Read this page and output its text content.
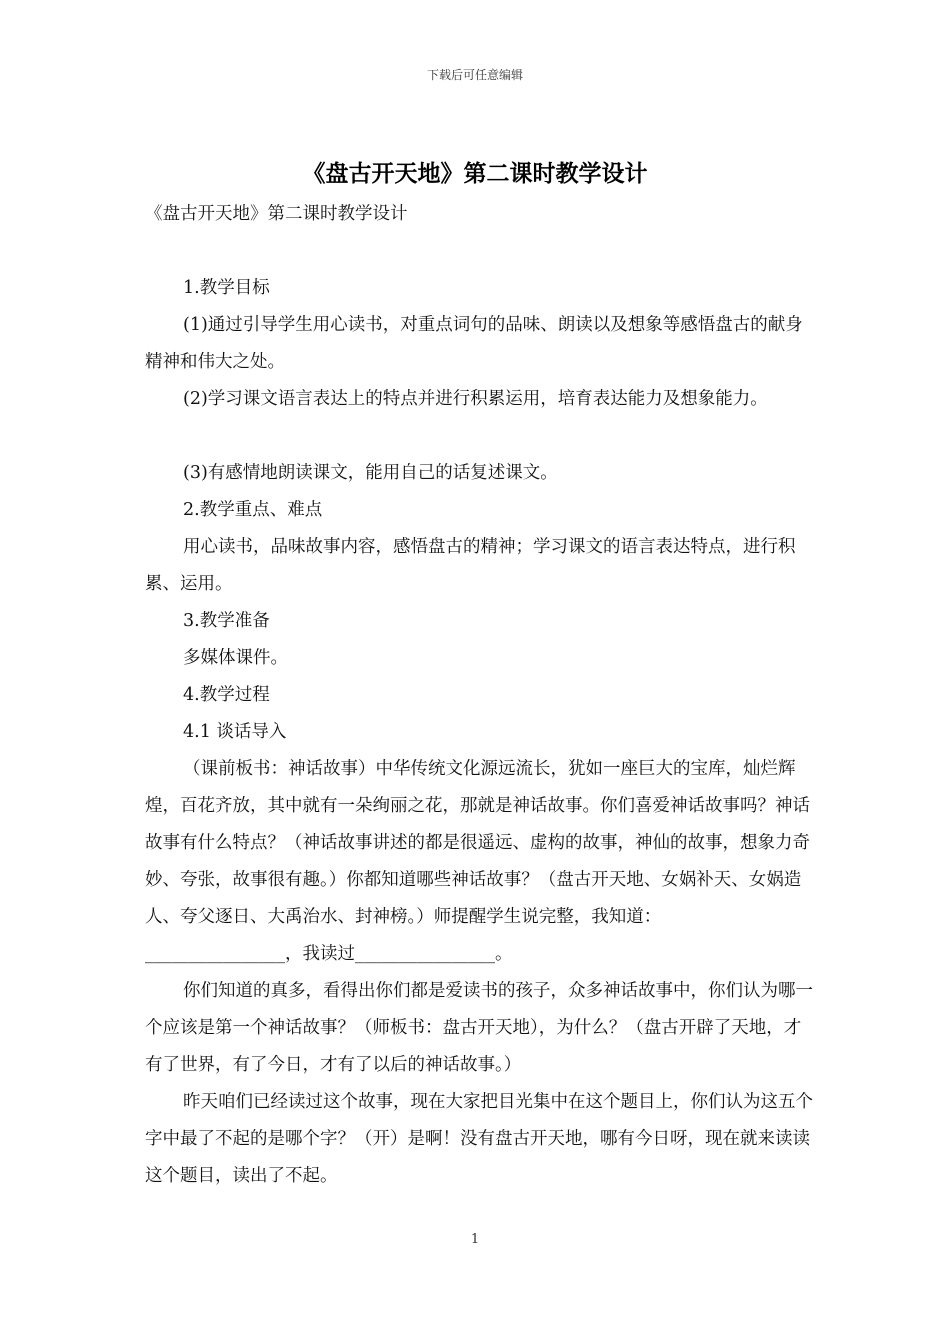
下载后可任意编辑
《盘古开天地》第二课时教学设计

《盘古开天地》第二课时教学设计

1.教学目标

(1)通过引导学生用心读书，对重点词句的品味、朗读以及想象等感悟盘古的献身精神和伟大之处。

(2)学习课文语言表达上的特点并进行积累运用，培育表达能力及想象能力。

(3)有感情地朗读课文，能用自己的话复述课文。

2.教学重点、难点

用心读书，品味故事内容，感悟盘古的精神；学习课文的语言表达特点，进行积累、运用。

3.教学准备

多媒体课件。

4.教学过程

4.1 谈话导入

（课前板书：神话故事）中华传统文化源远流长，犹如一座巨大的宝库，灿烂辉煌，百花齐放，其中就有一朵绚丽之花，那就是神话故事。你们喜爱神话故事吗？神话故事有什么特点？（神话故事讲述的都是很遥远、虚构的故事，神仙的故事，想象力奇妙、夸张，故事很有趣。）你都知道哪些神话故事？（盘古开天地、女娲补天、女娲造人、夸父逐日、大禹治水、封神榜。）师提醒学生说完整，我知道：________________，我读过________________。

你们知道的真多，看得出你们都是爱读书的孩子，众多神话故事中，你们认为哪一个应该是第一个神话故事？（师板书：盘古开天地），为什么？（盘古开辟了天地，才有了世界，有了今日，才有了以后的神话故事。）

昨天咱们已经读过这个故事，现在大家把目光集中在这个题目上，你们认为这五个字中最了不起的是哪个字？（开）是啊！没有盘古开天地，哪有今日呀，现在就来读读这个题目，读出了不起。

1
